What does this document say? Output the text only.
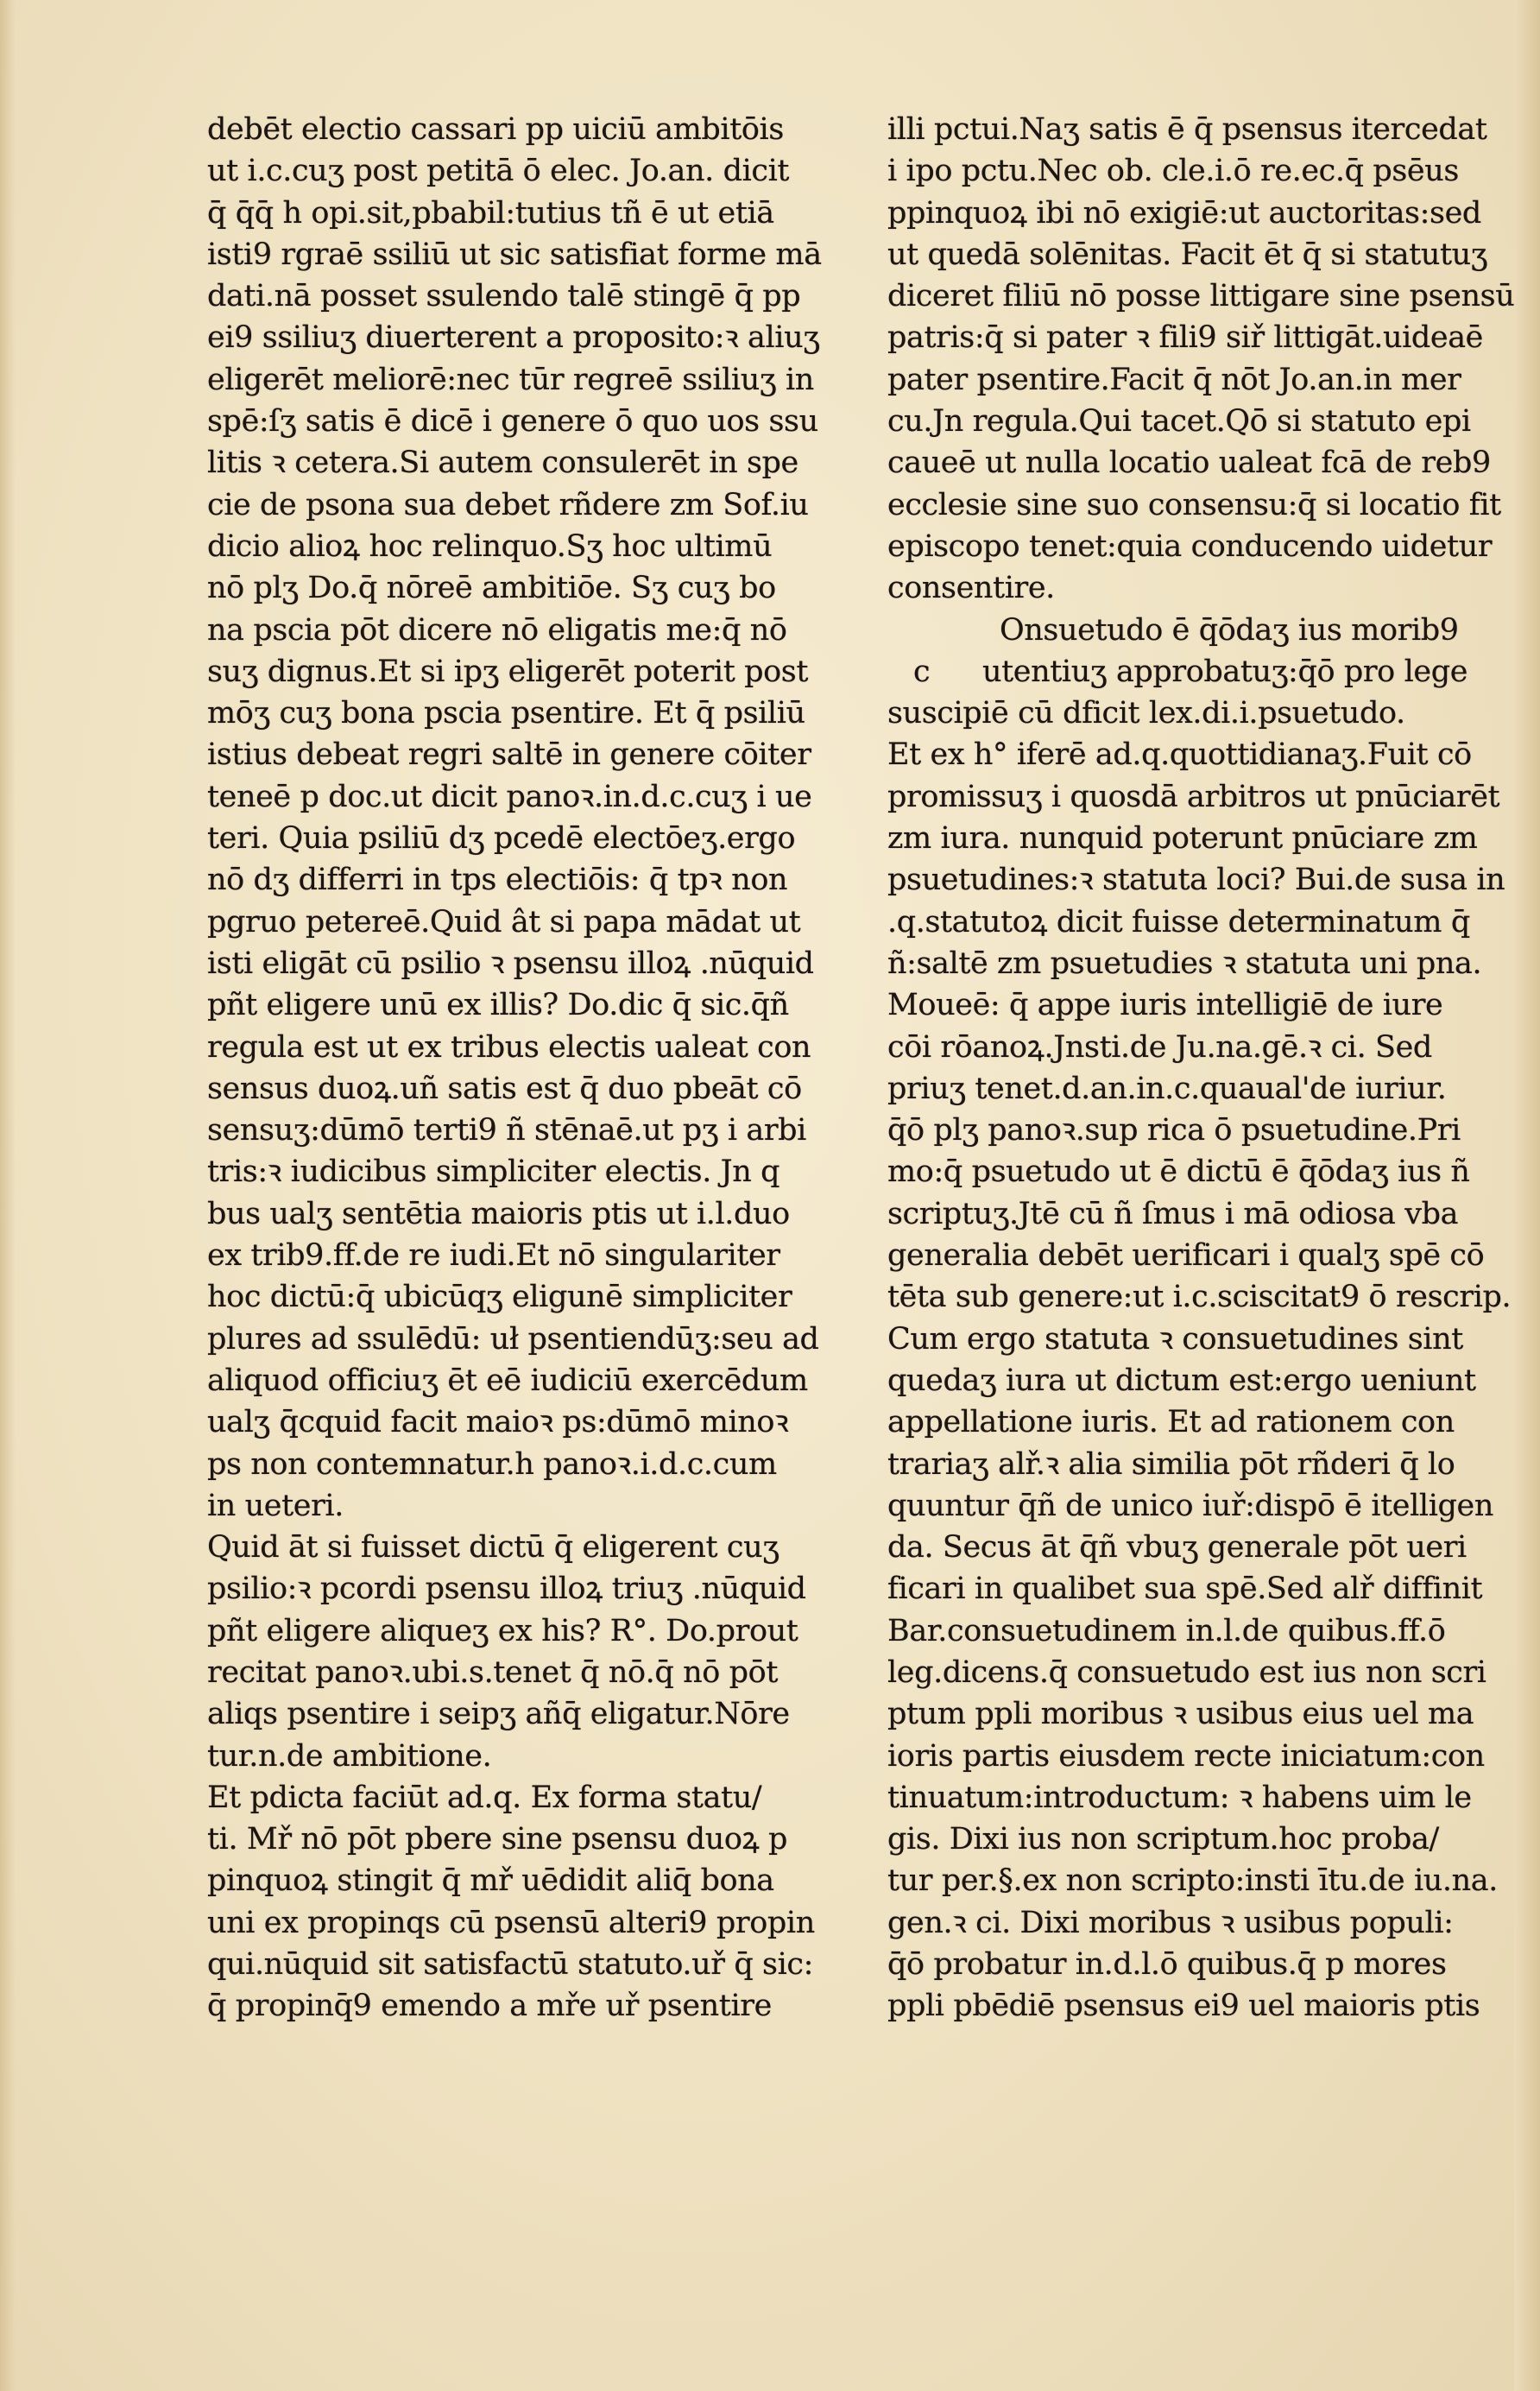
debēt electio cassari pp uiciū ambitōis
ut i.c.cuʒ post petitā ō elec. Jo.an. dicit
q̄ q̄q̄ h opi.sit,pbabil:tutius tñ ē ut etiā
isti9 rgraē ssiliū ut sic satisfiat forme mā
dati.nā posset ssulendo talē stingē q̄ pp
ei9 ssiliuʒ diuerterent a proposito:ꝛ aliuʒ
eligerēt meliorē:nec tūr regreē ssiliuʒ in
spē:ſʒ satis ē dicē i genere ō quo uos ssu
litis ꝛ cetera.Si autem consulerēt in spe
cie de psona sua debet rñdere zm Sof.iu
dicio alioꝝ hoc relinquo.Sʒ hoc ultimū
nō plʒ Do.q̄ nōreē ambitiōe. Sʒ cuʒ bo
na pscia pōt dicere nō eligatis me:q̄ nō
suʒ dignus.Et si ipʒ eligerēt poterit post
mōʒ cuʒ bona pscia psentire. Et q̄ psiliū
istius debeat regri saltē in genere cōiter
teneē p doc.ut dicit panoꝛ.in.d.c.cuʒ i ue
teri. Quia psiliū dʒ pcedē electōeʒ.ergo
nō dʒ differri in tps electiōis: q̄ tpꝛ non
pgruo petereē.Quid ât si papa mādat ut
isti eligāt cū psilio ꝛ psensu illoꝝ .nūquid
pñt eligere unū ex illis? Do.dic q̄ sic.q̄ñ
regula est ut ex tribus electis ualeat con
sensus duoꝝ.uñ satis est q̄ duo pbeāt cō
sensuʒ:dūmō terti9 ñ stēnaē.ut pʒ i arbi
tris:ꝛ iudicibus simpliciter electis. Jn q
bus ualʒ sentētia maioris ptis ut i.l.duo
ex trib9.ff.de re iudi.Et nō singulariter
hoc dictū:q̄ ubicūqʒ eligunē simpliciter
plures ad ssulēdū: uł psentiendūʒ:seu ad
aliquod officiuʒ ēt eē iudiciū exercēdum
ualʒ q̄cquid facit maioꝛ ps:dūmō minoꝛ
ps non contemnatur.h panoꝛ.i.d.c.cum
in ueteri.
Quid āt si fuisset dictū q̄ eligerent cuʒ
psilio:ꝛ pcordi psensu illoꝝ triuʒ .nūquid
pñt eligere aliqueʒ ex his? R°. Do.prout
recitat panoꝛ.ubi.s.tenet q̄ nō.q̄ nō pōt
aliqs psentire i seipʒ añq̄ eligatur.Nōre
tur.n.de ambitione.
Et pdicta faciūt ad.q. Ex forma statu/
ti. Mř nō pōt pbere sine psensu duoꝝ p
pinquoꝝ stingit q̄ mř uēdidit aliq̄ bona
uni ex propinqs cū psensū alteri9 propin
qui.nūquid sit satisfactū statuto.uř q̄ sic:
q̄ propinq̄9 emendo a mře uř psentire
illi pctui.Naʒ satis ē q̄ psensus itercedat
i ipo pctu.Nec ob. cle.i.ō re.ec.q̄ psēus
ppinquoꝝ ibi nō exigiē:ut auctoritas:sed
ut quedā solēnitas. Facit ēt q̄ si statutuʒ
diceret filiū nō posse littigare sine psensū
patris:q̄ si pater ꝛ fili9 siř littigāt.uideaē
pater psentire.Facit q̄ nōt Jo.an.in mer
cu.Jn regula.Qui tacet.Qō si statuto epi
caueē ut nulla locatio ualeat fcā de reb9
ecclesie sine suo consensu:q̄ si locatio fit
episcopo tenet:quia conducendo uidetur
consentire.
Onsuetudo ē q̄ōdaʒ ius morib9
c utentiuʒ approbatuʒ:q̄ō pro lege
suscipiē cū dficit lex.di.i.psuetudo.
Et ex h° iferē ad.q.quottidianaʒ.Fuit cō
promissuʒ i quosdā arbitros ut pnūciarēt
zm iura. nunquid poterunt pnūciare zm
psuetudines:ꝛ statuta loci? Bui.de susa in
.q.statutoꝝ dicit fuisse determinatum q̄
ñ:saltē zm psuetudies ꝛ statuta uni pna.
Moueē: q̄ appe iuris intelligiē de iure
cōi rōanoꝝ.Jnsti.de Ju.na.gē.ꝛ ci. Sed
priuʒ tenet.d.an.in.c.quaual'de iuriur.
q̄ō plʒ panoꝛ.sup rica ō psuetudine.Pri
mo:q̄ psuetudo ut ē dictū ē q̄ōdaʒ ius ñ
scriptuʒ.Jtē cū ñ ſmus i mā odiosa vba
generalia debēt uerificari i qualʒ spē cō
tēta sub genere:ut i.c.sciscitat9 ō rescrip.
Cum ergo statuta ꝛ consuetudines sint
quedaʒ iura ut dictum est:ergo ueniunt
appellatione iuris. Et ad rationem con
trariaʒ alř.ꝛ alia similia pōt rñderi q̄ lo
quuntur q̄ñ de unico iuř:dispō ē itelligen
da. Secus āt q̄ñ vbuʒ generale pōt ueri
ficari in qualibet sua spē.Sed alř diffinit
Bar.consuetudinem in.l.de quibus.ff.ō
leg.dicens.q̄ consuetudo est ius non scri
ptum ppli moribus ꝛ usibus eius uel ma
ioris partis eiusdem recte iniciatum:con
tinuatum:introductum: ꝛ habens uim le
gis. Dixi ius non scriptum.hoc proba/
tur per.§.ex non scripto:insti ītu.de iu.na.
gen.ꝛ ci. Dixi moribus ꝛ usibus populi:
q̄ō probatur in.d.l.ō quibus.q̄ p mores
ppli pbēdiē psensus ei9 uel maioris ptis
